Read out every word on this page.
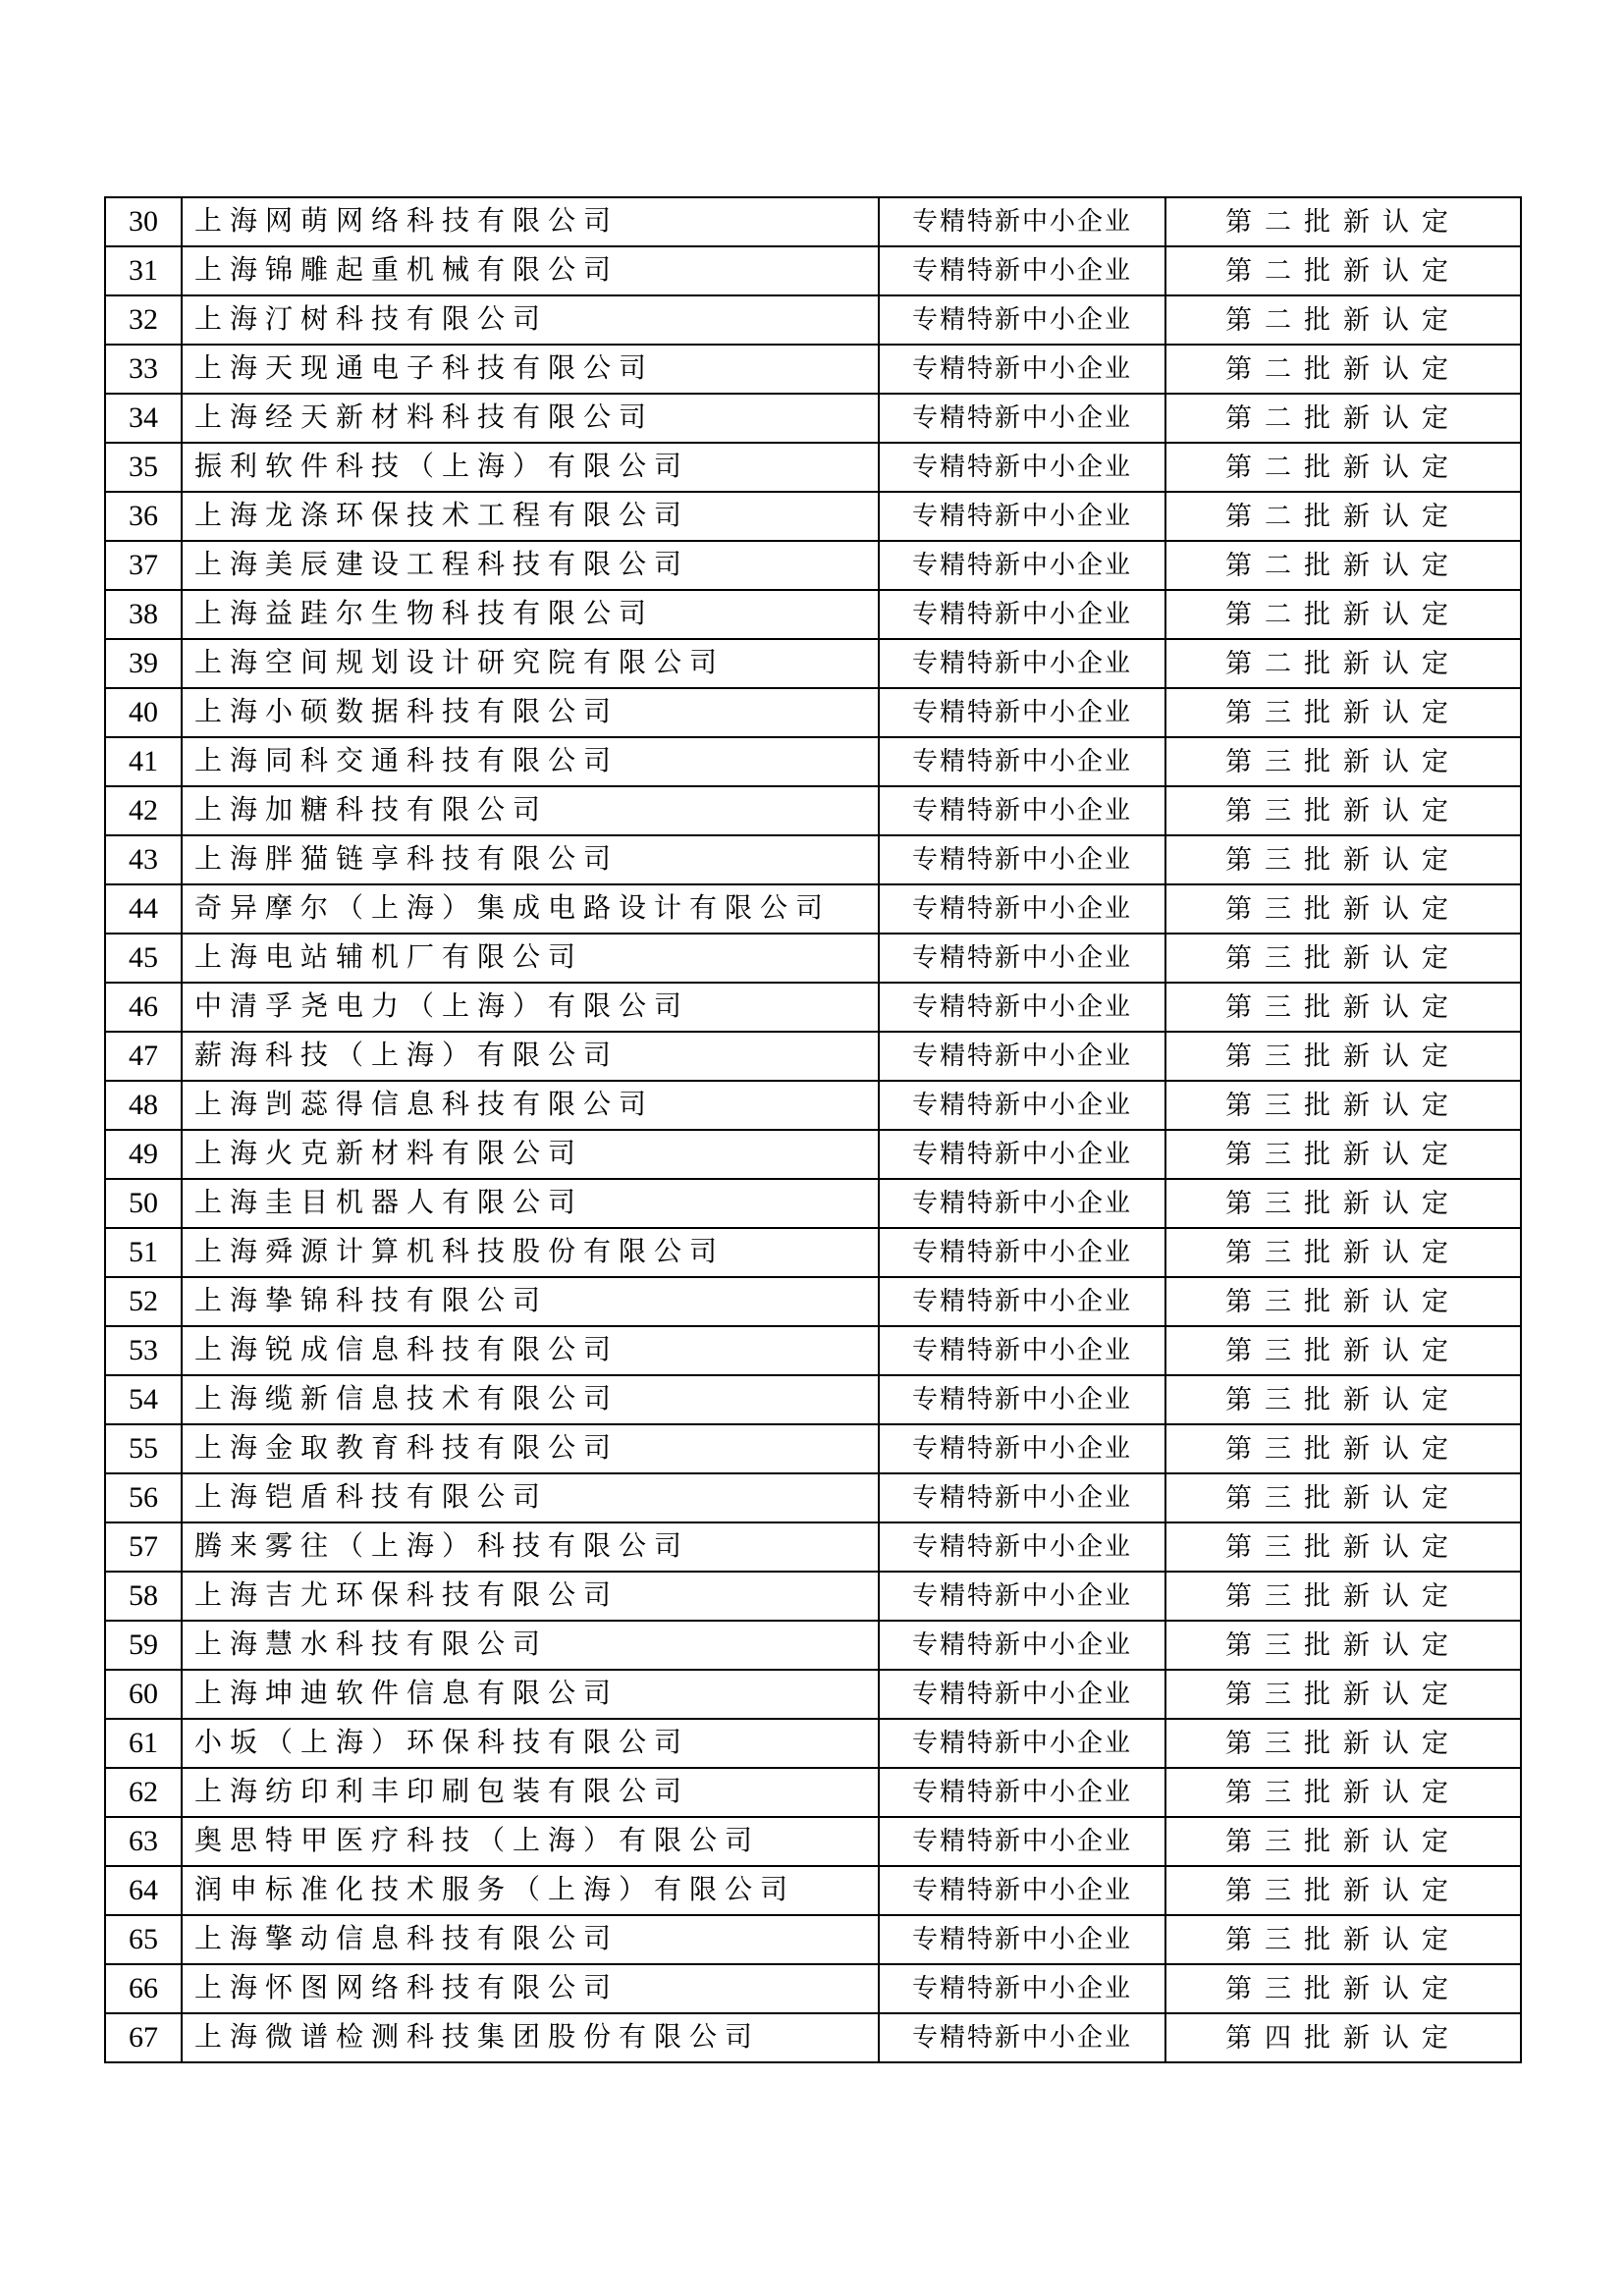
30	上海网萌网络科技有限公司	专精特新中小企业	第二批新认定
31	上海锦雕起重机械有限公司	专精特新中小企业	第二批新认定
32	上海汀树科技有限公司	专精特新中小企业	第二批新认定
33	上海天现通电子科技有限公司	专精特新中小企业	第二批新认定
34	上海经天新材料科技有限公司	专精特新中小企业	第二批新认定
35	振利软件科技（上海）有限公司	专精特新中小企业	第二批新认定
36	上海龙涤环保技术工程有限公司	专精特新中小企业	第二批新认定
37	上海美辰建设工程科技有限公司	专精特新中小企业	第二批新认定
38	上海益跬尔生物科技有限公司	专精特新中小企业	第二批新认定
39	上海空间规划设计研究院有限公司	专精特新中小企业	第二批新认定
40	上海小硕数据科技有限公司	专精特新中小企业	第三批新认定
41	上海同科交通科技有限公司	专精特新中小企业	第三批新认定
42	上海加糖科技有限公司	专精特新中小企业	第三批新认定
43	上海胖猫链享科技有限公司	专精特新中小企业	第三批新认定
44	奇异摩尔（上海）集成电路设计有限公司	专精特新中小企业	第三批新认定
45	上海电站辅机厂有限公司	专精特新中小企业	第三批新认定
46	中清孚尧电力（上海）有限公司	专精特新中小企业	第三批新认定
47	薪海科技（上海）有限公司	专精特新中小企业	第三批新认定
48	上海剀蕊得信息科技有限公司	专精特新中小企业	第三批新认定
49	上海火克新材料有限公司	专精特新中小企业	第三批新认定
50	上海圭目机器人有限公司	专精特新中小企业	第三批新认定
51	上海舜源计算机科技股份有限公司	专精特新中小企业	第三批新认定
52	上海挚锦科技有限公司	专精特新中小企业	第三批新认定
53	上海锐成信息科技有限公司	专精特新中小企业	第三批新认定
54	上海缆新信息技术有限公司	专精特新中小企业	第三批新认定
55	上海金取教育科技有限公司	专精特新中小企业	第三批新认定
56	上海铠盾科技有限公司	专精特新中小企业	第三批新认定
57	腾来雾往（上海）科技有限公司	专精特新中小企业	第三批新认定
58	上海吉尤环保科技有限公司	专精特新中小企业	第三批新认定
59	上海慧水科技有限公司	专精特新中小企业	第三批新认定
60	上海坤迪软件信息有限公司	专精特新中小企业	第三批新认定
61	小坂（上海）环保科技有限公司	专精特新中小企业	第三批新认定
62	上海纺印利丰印刷包装有限公司	专精特新中小企业	第三批新认定
63	奥思特甲医疗科技（上海）有限公司	专精特新中小企业	第三批新认定
64	润申标准化技术服务（上海）有限公司	专精特新中小企业	第三批新认定
65	上海擎动信息科技有限公司	专精特新中小企业	第三批新认定
66	上海怀图网络科技有限公司	专精特新中小企业	第三批新认定
67	上海微谱检测科技集团股份有限公司	专精特新中小企业	第四批新认定
